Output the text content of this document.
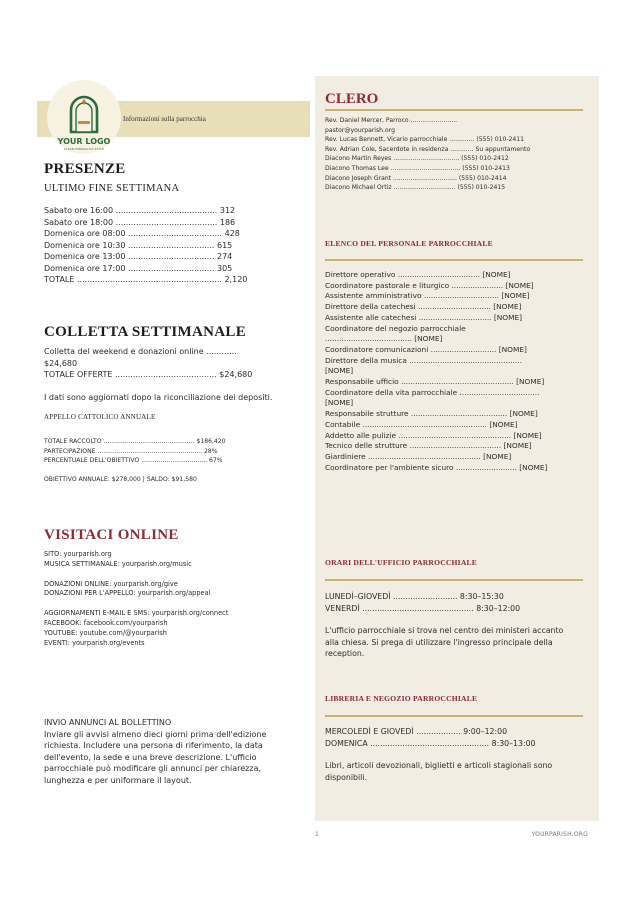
YOUR LOGO
CLEAN MINIMALIST STYLE
Informazioni sulla parrocchia
PRESENZE
ULTIMO FINE SETTIMANA
Sabato ore 16:00 ........................................ 312
Sabato ore 18:00 ........................................ 186
Domenica ore 08:00 ..................................... 428
Domenica ore 10:30 .................................. 615
Domenica ore 13:00 .................................. 274
Domenica ore 17:00 .................................. 305
TOTALE ......................................................... 2,120
COLLETTA SETTIMANALE
Colletta del weekend e donazioni online ............
$24,680
TOTALE OFFERTE ........................................ $24,680
I dati sono aggiornati dopo la riconciliazione dei depositi.
APPELLO CATTOLICO ANNUALE
TOTALE RACCOLTO ............................................... $186,420
PARTECIPAZIONE ...................................................... 28%
PERCENTUALE DELL'OBIETTIVO .................................. 67%
OBIETTIVO ANNUALE: $278,000 | SALDO: $91,580
VISITACI ONLINE
SITO: yourparish.org
MUSICA SETTIMANALE: yourparish.org/music
DONAZIONI ONLINE: yourparish.org/give
DONAZIONI PER L'APPELLO: yourparish.org/appeal
AGGIORNAMENTI E-MAIL E SMS: yourparish.org/connect
FACEBOOK: facebook.com/yourparish
YOUTUBE: youtube.com/@yourparish
EVENTI: yourparish.org/events
INVIO ANNUNCI AL BOLLETTINO
Inviare gli avvisi almeno dieci giorni prima dell'edizione richiesta. Includere una persona di riferimento, la data dell'evento, la sede e una breve descrizione. L'ufficio parrocchiale può modificare gli annunci per chiarezza, lunghezza e per uniformare il layout.
CLERO
Rev. Daniel Mercer, Parroco ........................
pastor@yourparish.org
Rev. Lucas Bennett, Vicario parrocchiale ............. (555) 010-2411
Rev. Adrian Cole, Sacerdote in residenza ............ Su appuntamento
Diacono Martin Reyes .................................. (555) 010-2412
Diacono Thomas Lee .................................... (555) 010-2413
Diacono Joseph Grant ................................. (555) 010-2414
Diacono Michael Ortiz ................................ (555) 010-2415
ELENCO DEL PERSONALE PARROCCHIALE
Direttore operativo ................................... [NOME]
Coordinatore pastorale e liturgico ...................... [NOME]
Assistente amministrativo ................................ [NOME]
Direttore della catechesi ............................... [NOME]
Assistente alle catechesi ............................... [NOME]
Coordinatore del negozio parrocchiale ..................................... [NOME]
Coordinatore comunicazioni ............................ [NOME]
Direttore della musica ................................................ [NOME]
Responsabile ufficio ................................................ [NOME]
Coordinatore della vita parrocchiale .................................. [NOME]
Responsabile strutture ......................................... [NOME]
Contabile ..................................................... [NOME]
Addetto alle pulizie ................................................ [NOME]
Tecnico delle strutture ....................................... [NOME]
Giardiniere ................................................ [NOME]
Coordinatore per l'ambiente sicuro .......................... [NOME]
ORARI DELL'UFFICIO PARROCCHIALE
LUNEDÌ–GIOVEDÌ .......................... 8:30–15:30
VENERDÌ ............................................. 8:30–12:00
L'ufficio parrocchiale si trova nel centro dei ministeri accanto alla chiesa. Si prega di utilizzare l'ingresso principale della reception.
LIBRERIA E NEGOZIO PARROCCHIALE
MERCOLEDÌ E GIOVEDÌ .................. 9:00–12:00
DOMENICA ................................................ 8:30–13:00
Libri, articoli devozionali, biglietti e articoli stagionali sono disponibili.
1	YOURPARISH.ORG
